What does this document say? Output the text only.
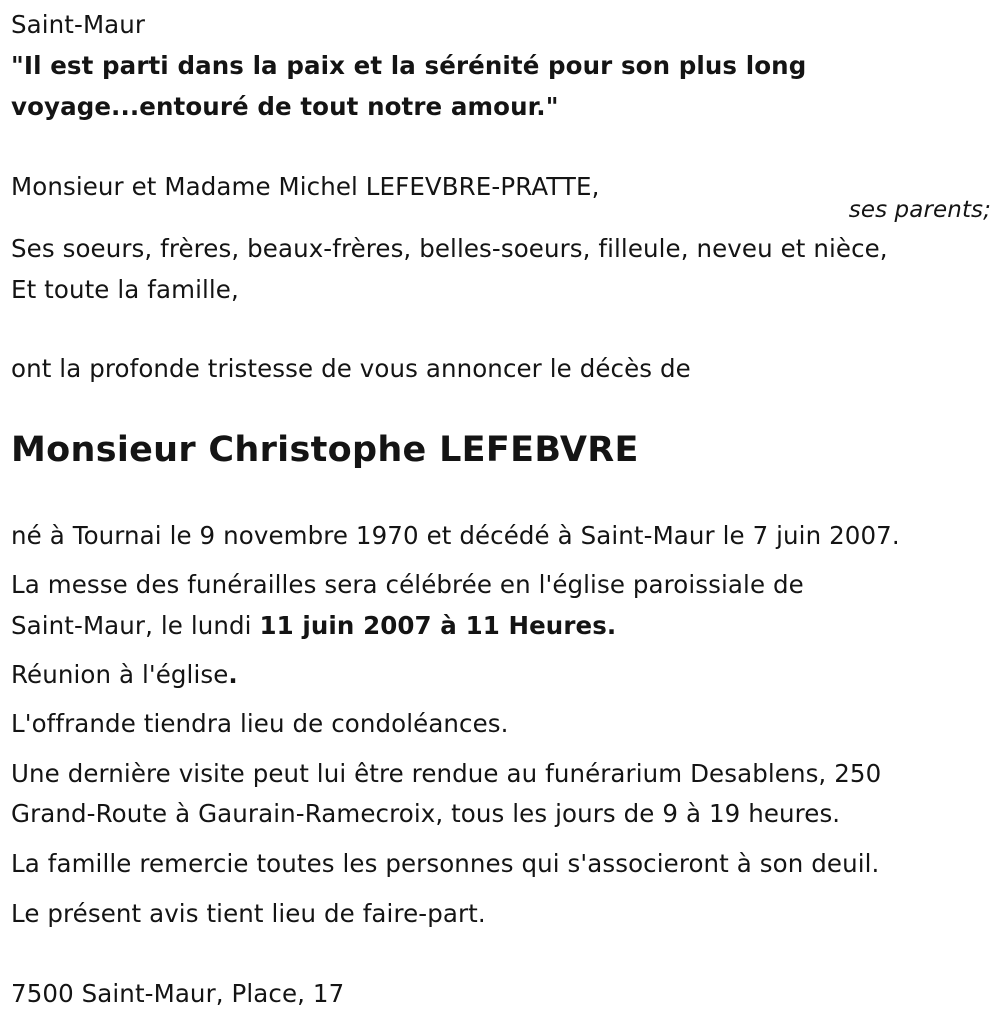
Saint-Maur
"Il est parti dans la paix et la sérénité pour son plus long
voyage...entouré de tout notre amour."
Monsieur et Madame Michel LEFEVBRE-PRATTE,
ses parents;
Ses soeurs, frères, beaux-frères, belles-soeurs, filleule, neveu et nièce,
Et toute la famille,
ont la profonde tristesse de vous annoncer le décès de
Monsieur Christophe LEFEBVRE
né à Tournai le 9 novembre 1970 et décédé à Saint-Maur le 7 juin 2007.
La messe des funérailles sera célébrée en l'église paroissiale de
Saint-Maur, le lundi 11 juin 2007 à 11 Heures.
Réunion à l'église.
L'offrande tiendra lieu de condoléances.
Une dernière visite peut lui être rendue au funérarium Desablens, 250
Grand-Route à Gaurain-Ramecroix, tous les jours de 9 à 19 heures.
La famille remercie toutes les personnes qui s'associeront à son deuil.
Le présent avis tient lieu de faire-part.
7500 Saint-Maur, Place, 17
